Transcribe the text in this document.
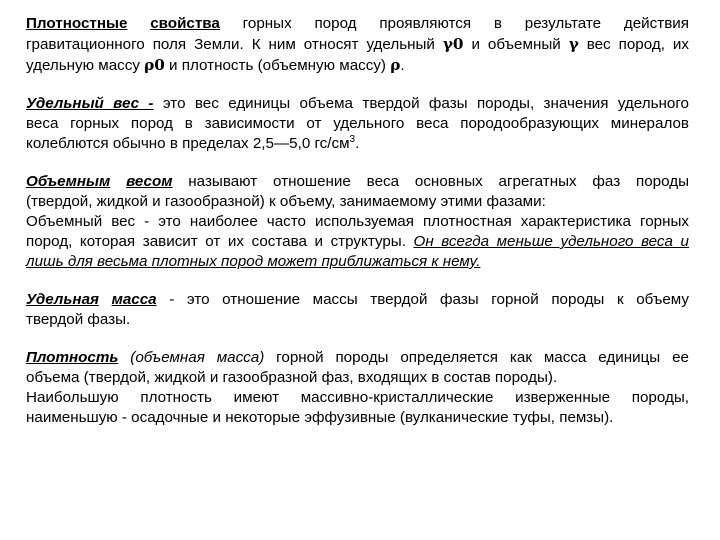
Плотностные свойства горных пород проявляются в результате действия
гравитационного поля Земли. К ним относят удельный γ0 и объемный γ вес пород, их
удельную массу ρ0 и плотность (объемную массу) ρ.
Удельный вес - это вес единицы объема твердой фазы породы, значения удельного
веса горных пород в зависимости от удельного веса породообразующих минералов
колеблются обычно в пределах 2,5—5,0 $гс/см^3$.
Объемным весом называют отношение веса основных агрегатных фаз породы
(твердой, жидкой и газообразной) к объему, занимаемому этими фазами:
Объемный вес - это наиболее часто используемая плотностная характеристика горных
пород, которая зависит от их состава и структуры. Он всегда меньше удельного веса и
лишь для весьма плотных пород может приближаться к нему.
Удельная масса - это отношение массы твердой фазы горной породы к объему
твердой фазы.
Плотность (объемная масса) горной породы определяется как масса единицы ее
объема (твердой, жидкой и газообразной фаз, входящих в состав породы).
Наибольшую плотность имеют массивно-кристаллические изверженные породы,
наименьшую - осадочные и некоторые эффузивные (вулканические туфы, пемзы).
